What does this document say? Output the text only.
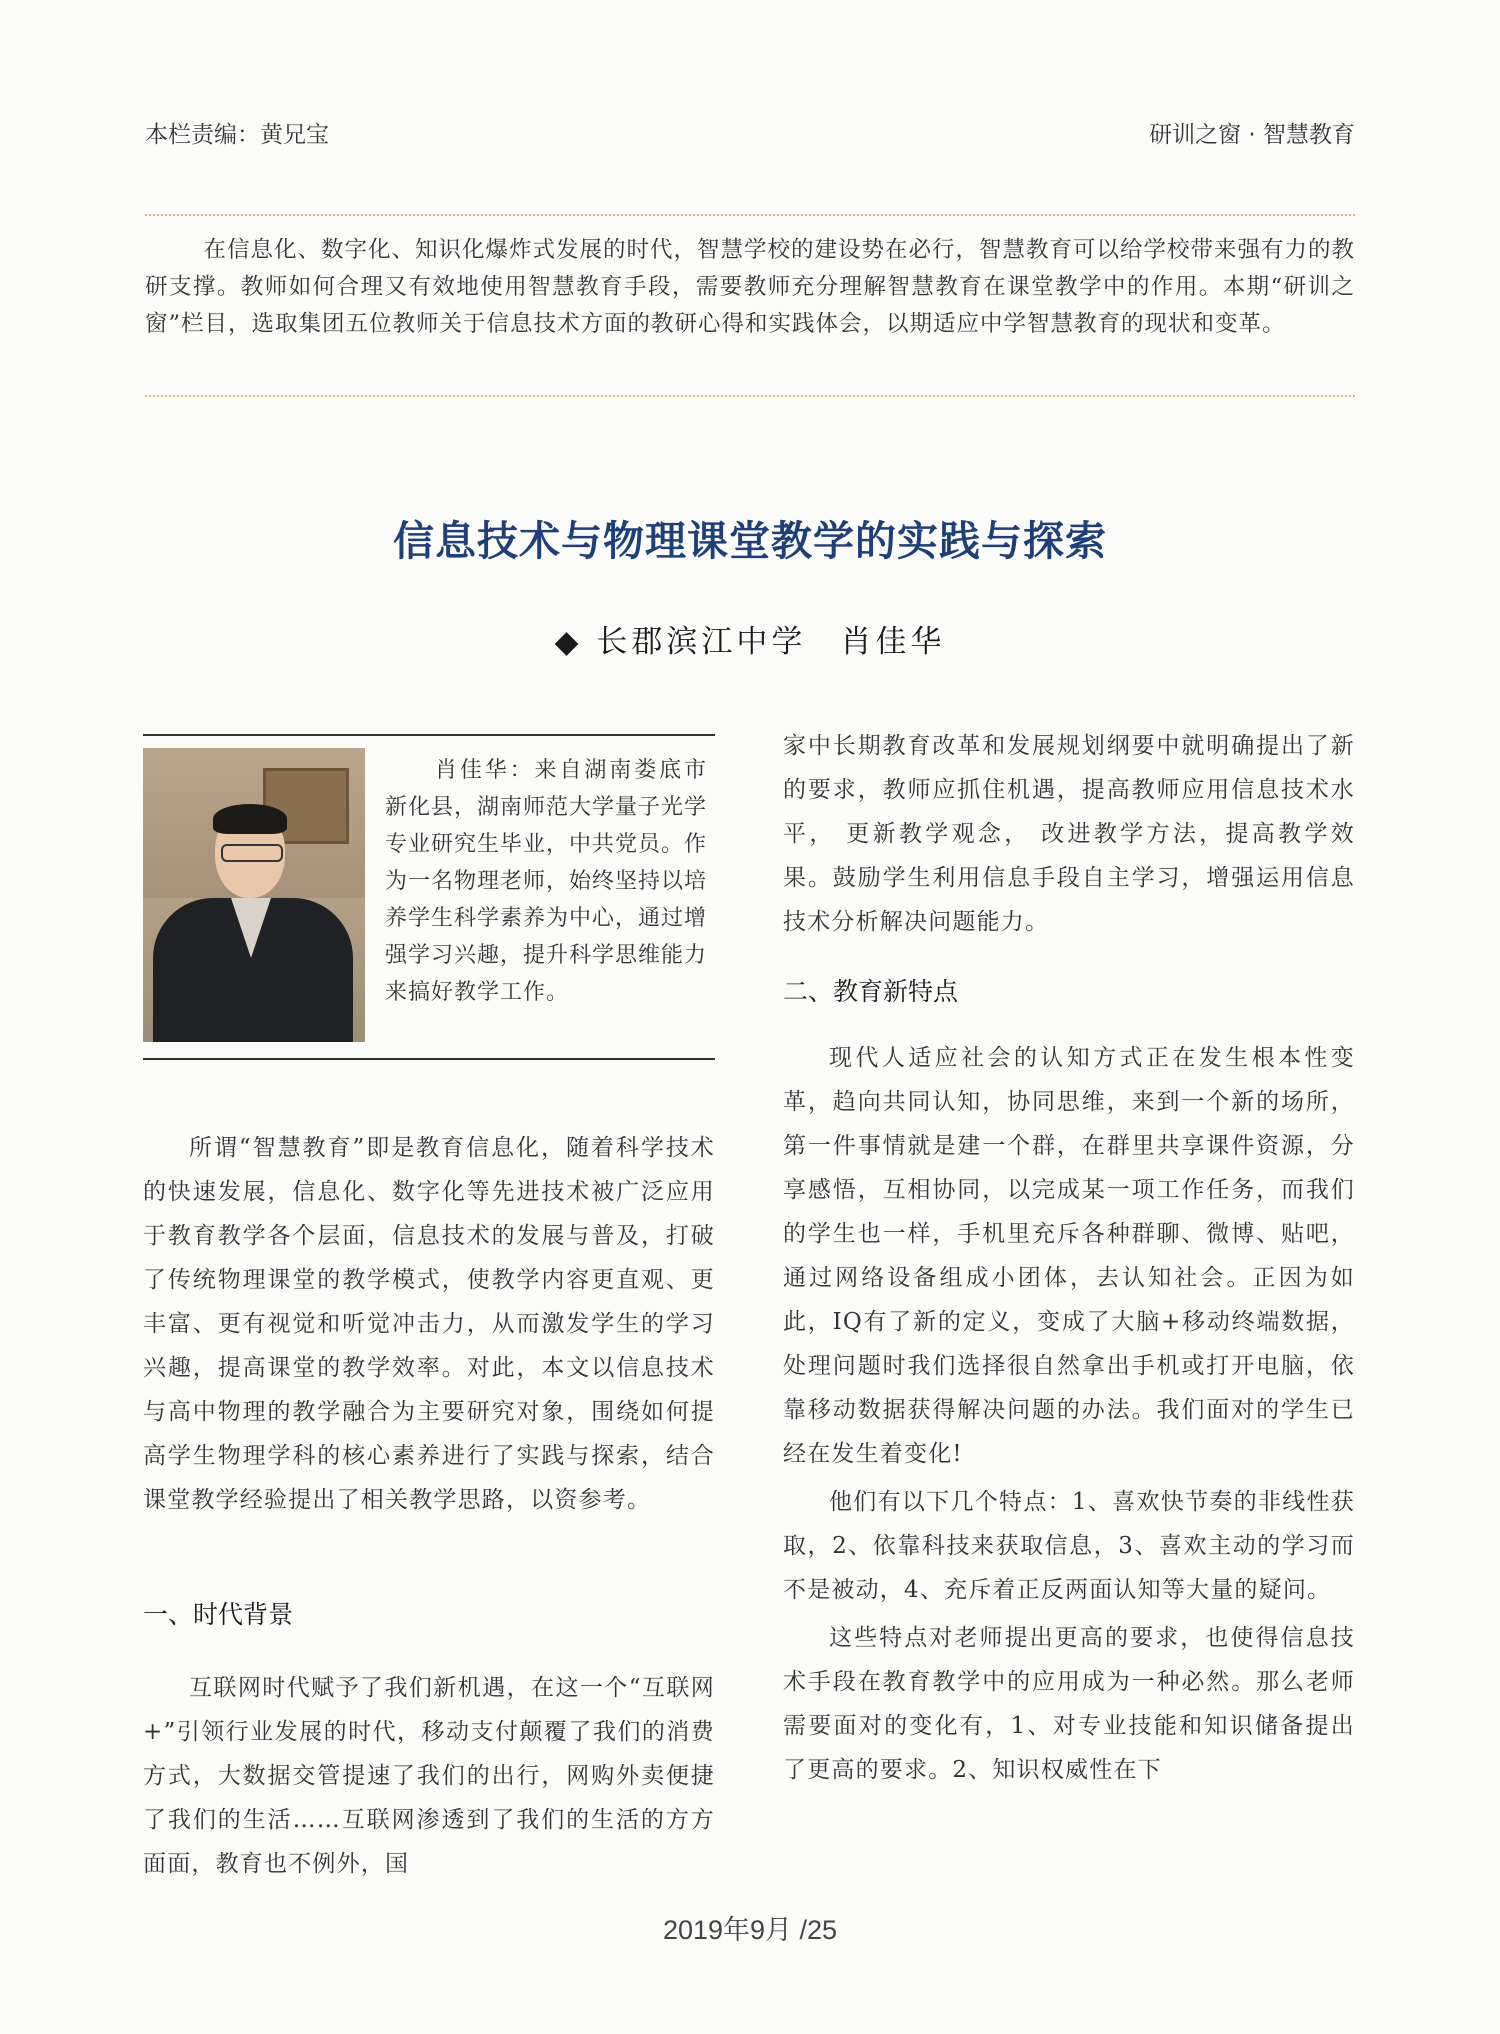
本栏责编：黄兄宝	研训之窗 · 智慧教育
在信息化、数字化、知识化爆炸式发展的时代，智慧学校的建设势在必行，智慧教育可以给学校带来强有力的教研支撑。教师如何合理又有效地使用智慧教育手段，需要教师充分理解智慧教育在课堂教学中的作用。本期“研训之窗”栏目，选取集团五位教师关于信息技术方面的教研心得和实践体会，以期适应中学智慧教育的现状和变革。
信息技术与物理课堂教学的实践与探索
◆ 长郡滨江中学 肖佳华
肖佳华：来自湖南娄底市新化县，湖南师范大学量子光学专业研究生毕业，中共党员。作为一名物理老师，始终坚持以培养学生科学素养为中心，通过增强学习兴趣，提升科学思维能力来搞好教学工作。

所谓“智慧教育”即是教育信息化，随着科学技术的快速发展，信息化、数字化等先进技术被广泛应用于教育教学各个层面，信息技术的发展与普及，打破了传统物理课堂的教学模式，使教学内容更直观、更丰富、更有视觉和听觉冲击力，从而激发学生的学习兴趣，提高课堂的教学效率。对此，本文以信息技术与高中物理的教学融合为主要研究对象，围绕如何提高学生物理学科的核心素养进行了实践与探索，结合课堂教学经验提出了相关教学思路，以资参考。

一、时代背景

互联网时代赋予了我们新机遇，在这一个“互联网+”引领行业发展的时代，移动支付颠覆了我们的消费方式，大数据交管提速了我们的出行，网购外卖便捷了我们的生活……互联网渗透到了我们的生活的方方面面，教育也不例外，国

家中长期教育改革和发展规划纲要中就明确提出了新的要求，教师应抓住机遇，提高教师应用信息技术水平， 更新教学观念， 改进教学方法，提高教学效果。鼓励学生利用信息手段自主学习，增强运用信息技术分析解决问题能力。

二、教育新特点

现代人适应社会的认知方式正在发生根本性变革，趋向共同认知，协同思维，来到一个新的场所，第一件事情就是建一个群，在群里共享课件资源，分享感悟，互相协同，以完成某一项工作任务，而我们的学生也一样，手机里充斥各种群聊、微博、贴吧，通过网络设备组成小团体，去认知社会。正因为如此，IQ有了新的定义，变成了大脑+移动终端数据，处理问题时我们选择很自然拿出手机或打开电脑，依靠移动数据获得解决问题的办法。我们面对的学生已经在发生着变化!

他们有以下几个特点：1、喜欢快节奏的非线性获取，2、依靠科技来获取信息，3、喜欢主动的学习而不是被动，4、充斥着正反两面认知等大量的疑问。

这些特点对老师提出更高的要求，也使得信息技术手段在教育教学中的应用成为一种必然。那么老师需要面对的变化有，1、对专业技能和知识储备提出了更高的要求。2、知识权威性在下

2019年9月 /25
